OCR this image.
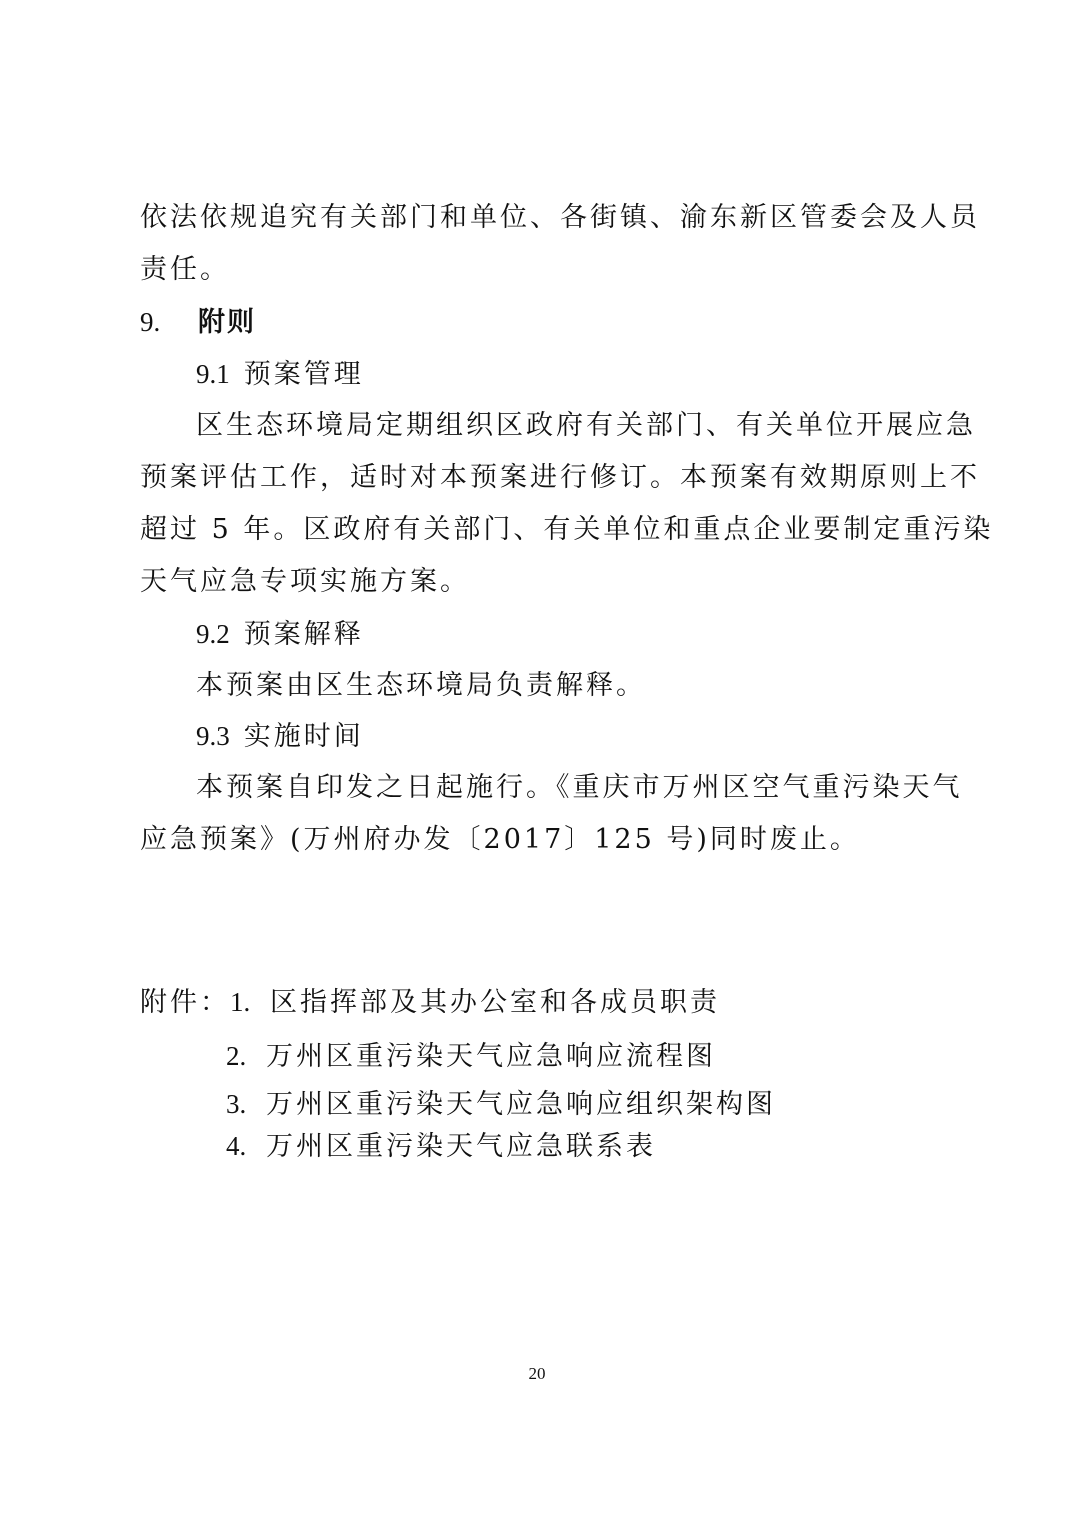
依法依规追究有关部门和单位、各街镇、渝东新区管委会及人员
责任。
9. 附则
9.1 预案管理
区生态环境局定期组织区政府有关部门、有关单位开展应急
预案评估工作，适时对本预案进行修订。本预案有效期原则上不
超过 5 年。区政府有关部门、有关单位和重点企业要制定重污染
天气应急专项实施方案。
9.2 预案解释
本预案由区生态环境局负责解释。
9.3 实施时间
本预案自印发之日起施行。《重庆市万州区空气重污染天气
应急预案》(万州府办发〔2017〕125 号)同时废止。
附件：1. 区指挥部及其办公室和各成员职责
2. 万州区重污染天气应急响应流程图
3. 万州区重污染天气应急响应组织架构图
4. 万州区重污染天气应急联系表
20
